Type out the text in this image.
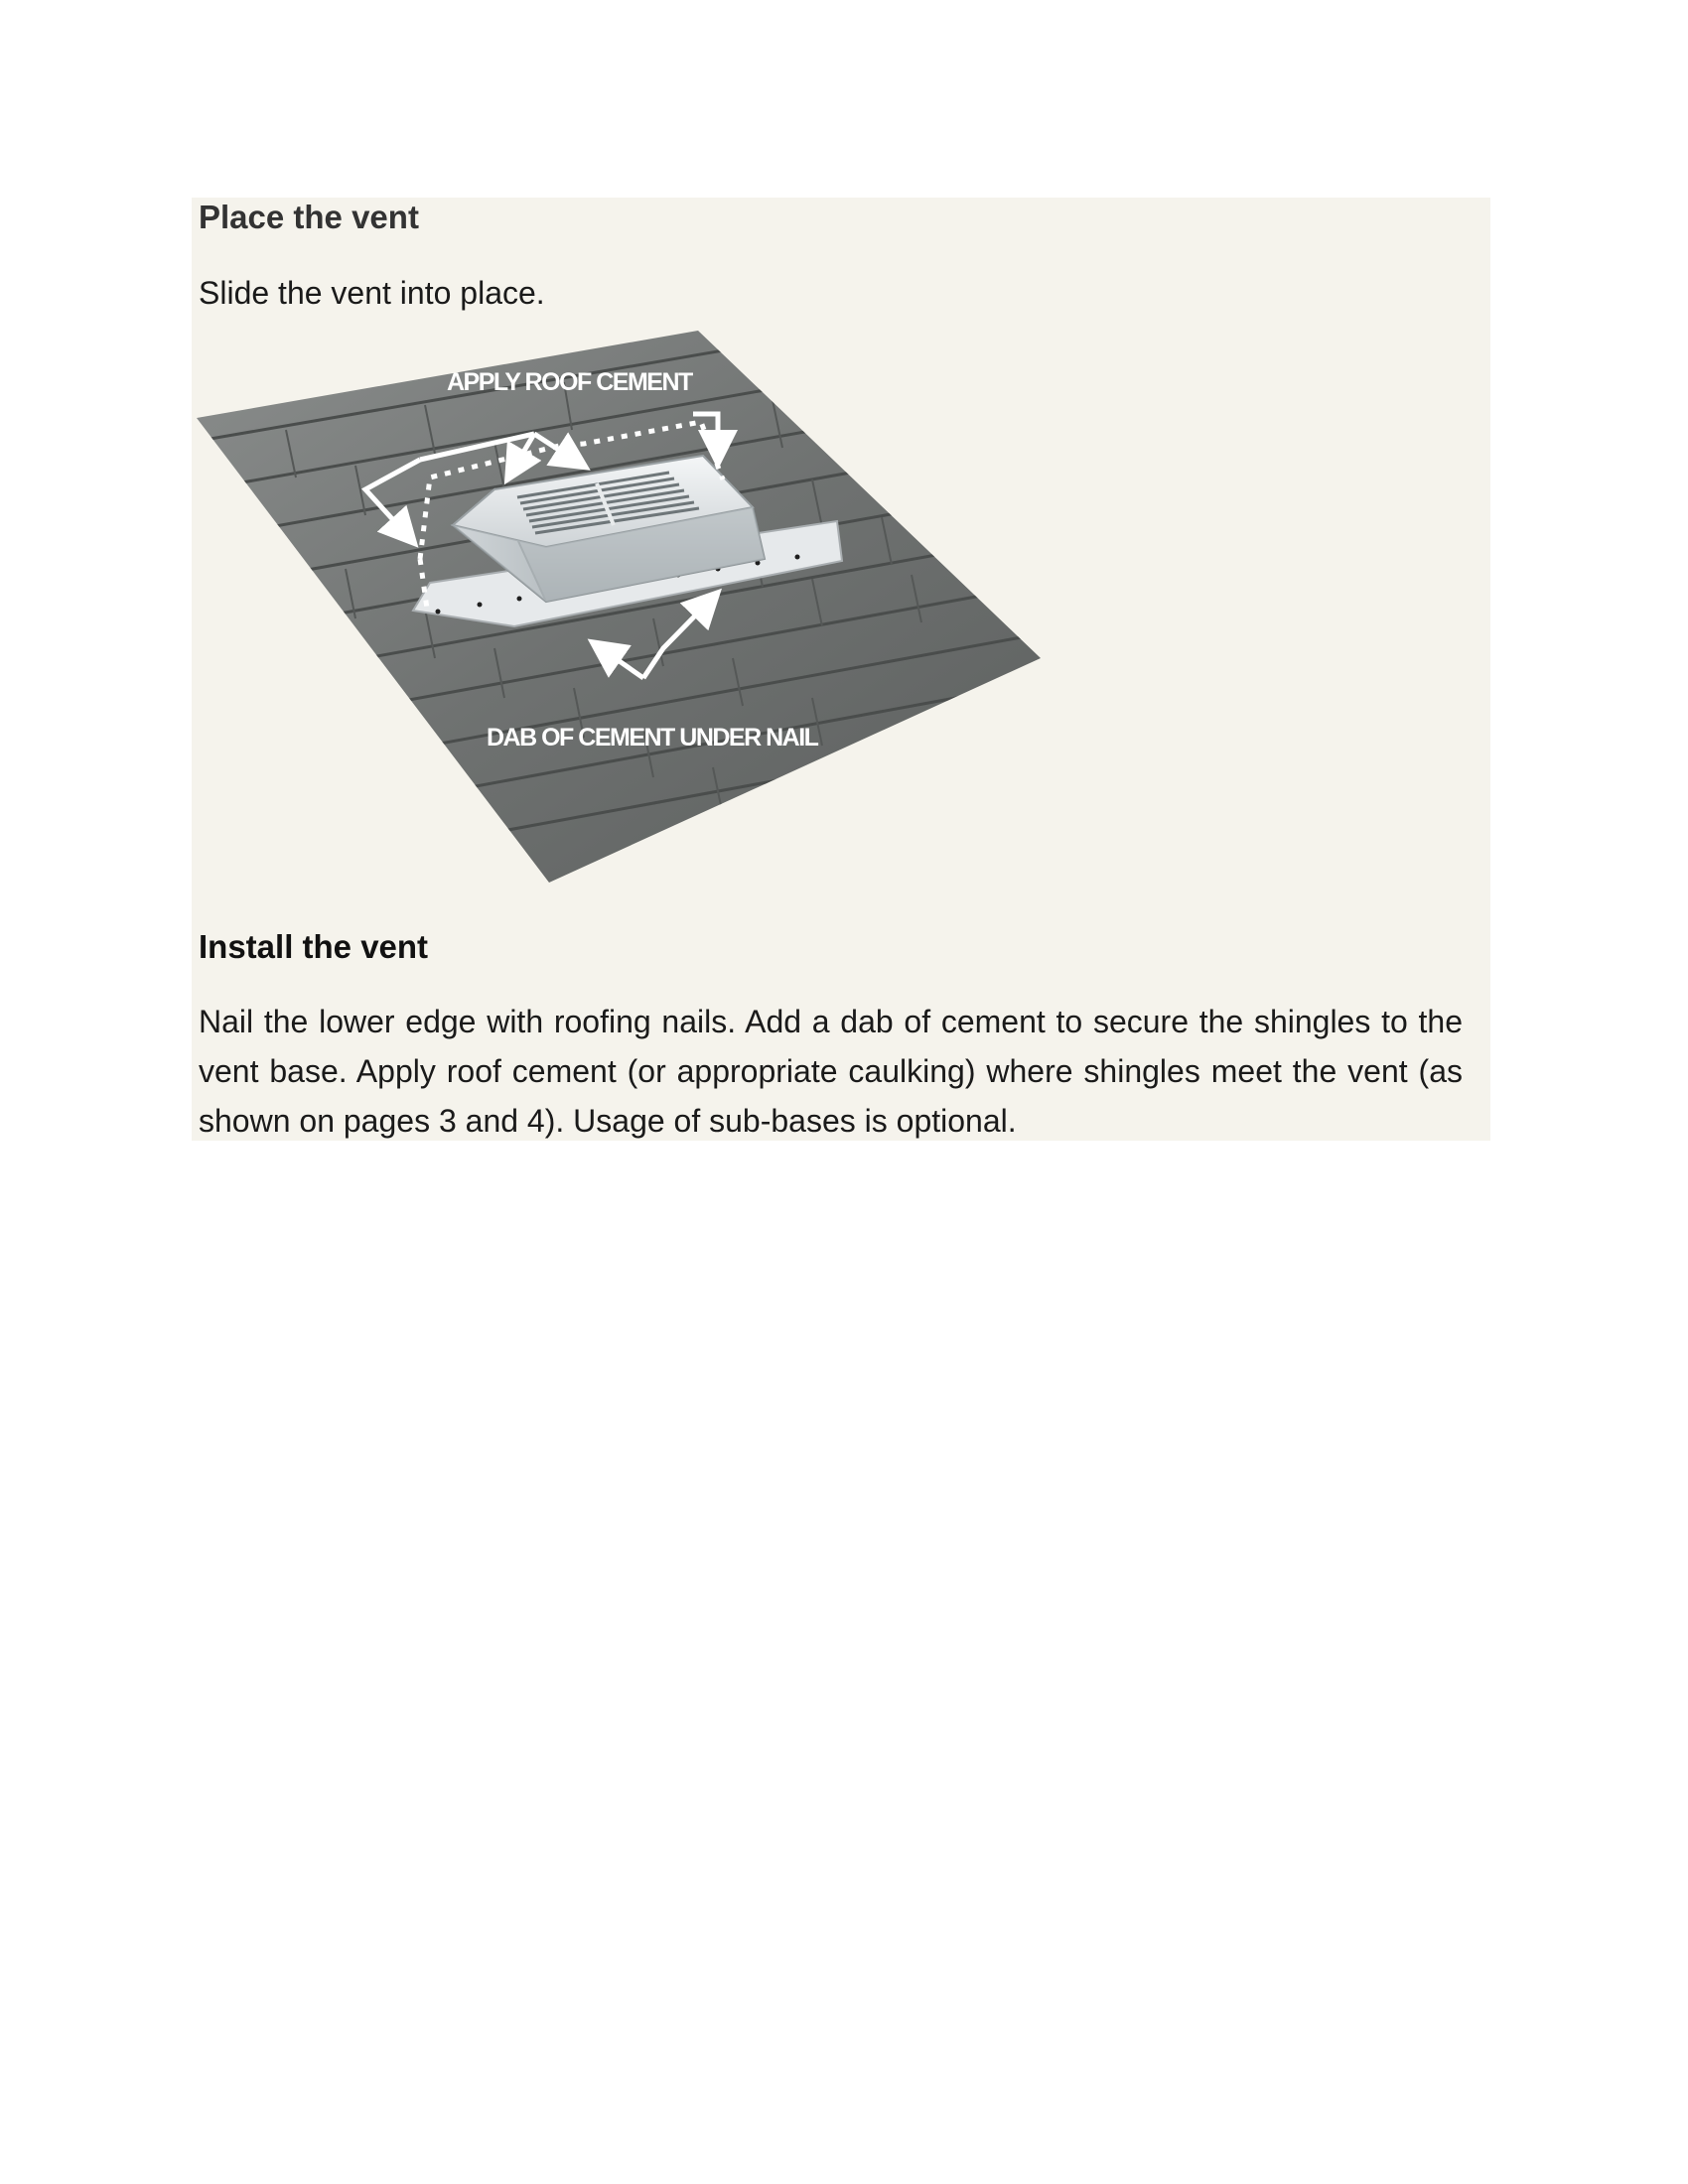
Place the vent

Slide the vent into place.

APPLY ROOF CEMENT
DAB OF CEMENT UNDER NAIL
Install the vent

Nail the lower edge with roofing nails. Add a dab of cement to secure the shingles to the vent base. Apply roof cement (or appropriate caulking) where shingles meet the vent (as shown on pages 3 and 4). Usage of sub-bases is optional.
